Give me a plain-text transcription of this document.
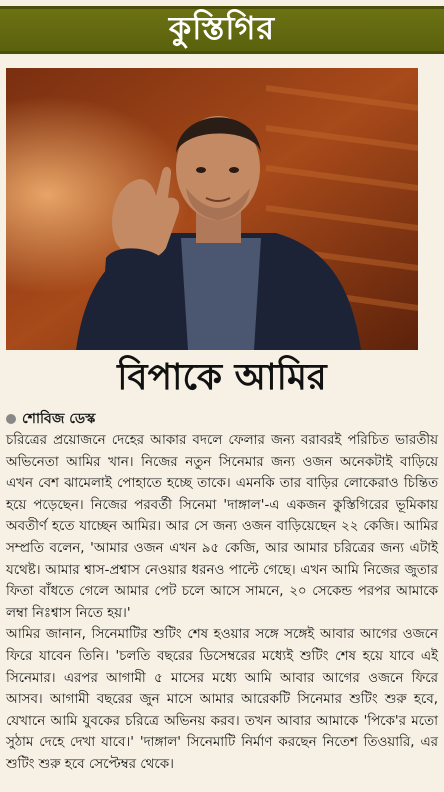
কুস্তিগির
বিপাকে আমির
শোবিজ ডেস্ক

চরিত্রের প্রয়োজনে দেহের আকার বদলে ফেলার জন্য বরাবরই পরিচিত ভারতীয় অভিনেতা আমির খান। নিজের নতুন সিনেমার জন্য ওজন অনেকটাই বাড়িয়ে এখন বেশ ঝামেলাই পোহাতে হচ্ছে তাকে। এমনকি তার বাড়ির লোকেরাও চিন্তিত হয়ে পড়েছেন। নিজের পরবর্তী সিনেমা 'দাঙ্গাল'-এ একজন কুস্তিগিরের ভূমিকায় অবতীর্ণ হতে যাচ্ছেন আমির। আর সে জন্য ওজন বাড়িয়েছেন ২২ কেজি। আমির সম্প্রতি বলেন, 'আমার ওজন এখন ৯৫ কেজি, আর আমার চরিত্রের জন্য এটাই যথেষ্ট। আমার শ্বাস-প্রশ্বাস নেওয়ার ধরনও পাল্টে গেছে। এখন আমি নিজের জুতার ফিতা বাঁধতে গেলে আমার পেট চলে আসে সামনে, ২০ সেকেন্ড পরপর আমাকে লম্বা নিঃশ্বাস নিতে হয়।'

আমির জানান, সিনেমাটির শুটিং শেষ হওয়ার সঙ্গে সঙ্গেই আবার আগের ওজনে ফিরে যাবেন তিনি। 'চলতি বছরের ডিসেম্বরের মধ্যেই শুটিং শেষ হয়ে যাবে এই সিনেমার। এরপর আগামী ৫ মাসের মধ্যে আমি আবার আগের ওজনে ফিরে আসব। আগামী বছরের জুন মাসে আমার আরেকটি সিনেমার শুটিং শুরু হবে, যেখানে আমি যুবকের চরিত্রে অভিনয় করব। তখন আবার আমাকে 'পিকে'র মতো সুঠাম দেহে দেখা যাবে।' 'দাঙ্গাল' সিনেমাটি নির্মাণ করছেন নিতেশ তিওয়ারি, এর শুটিং শুরু হবে সেপ্টেম্বর থেকে।
